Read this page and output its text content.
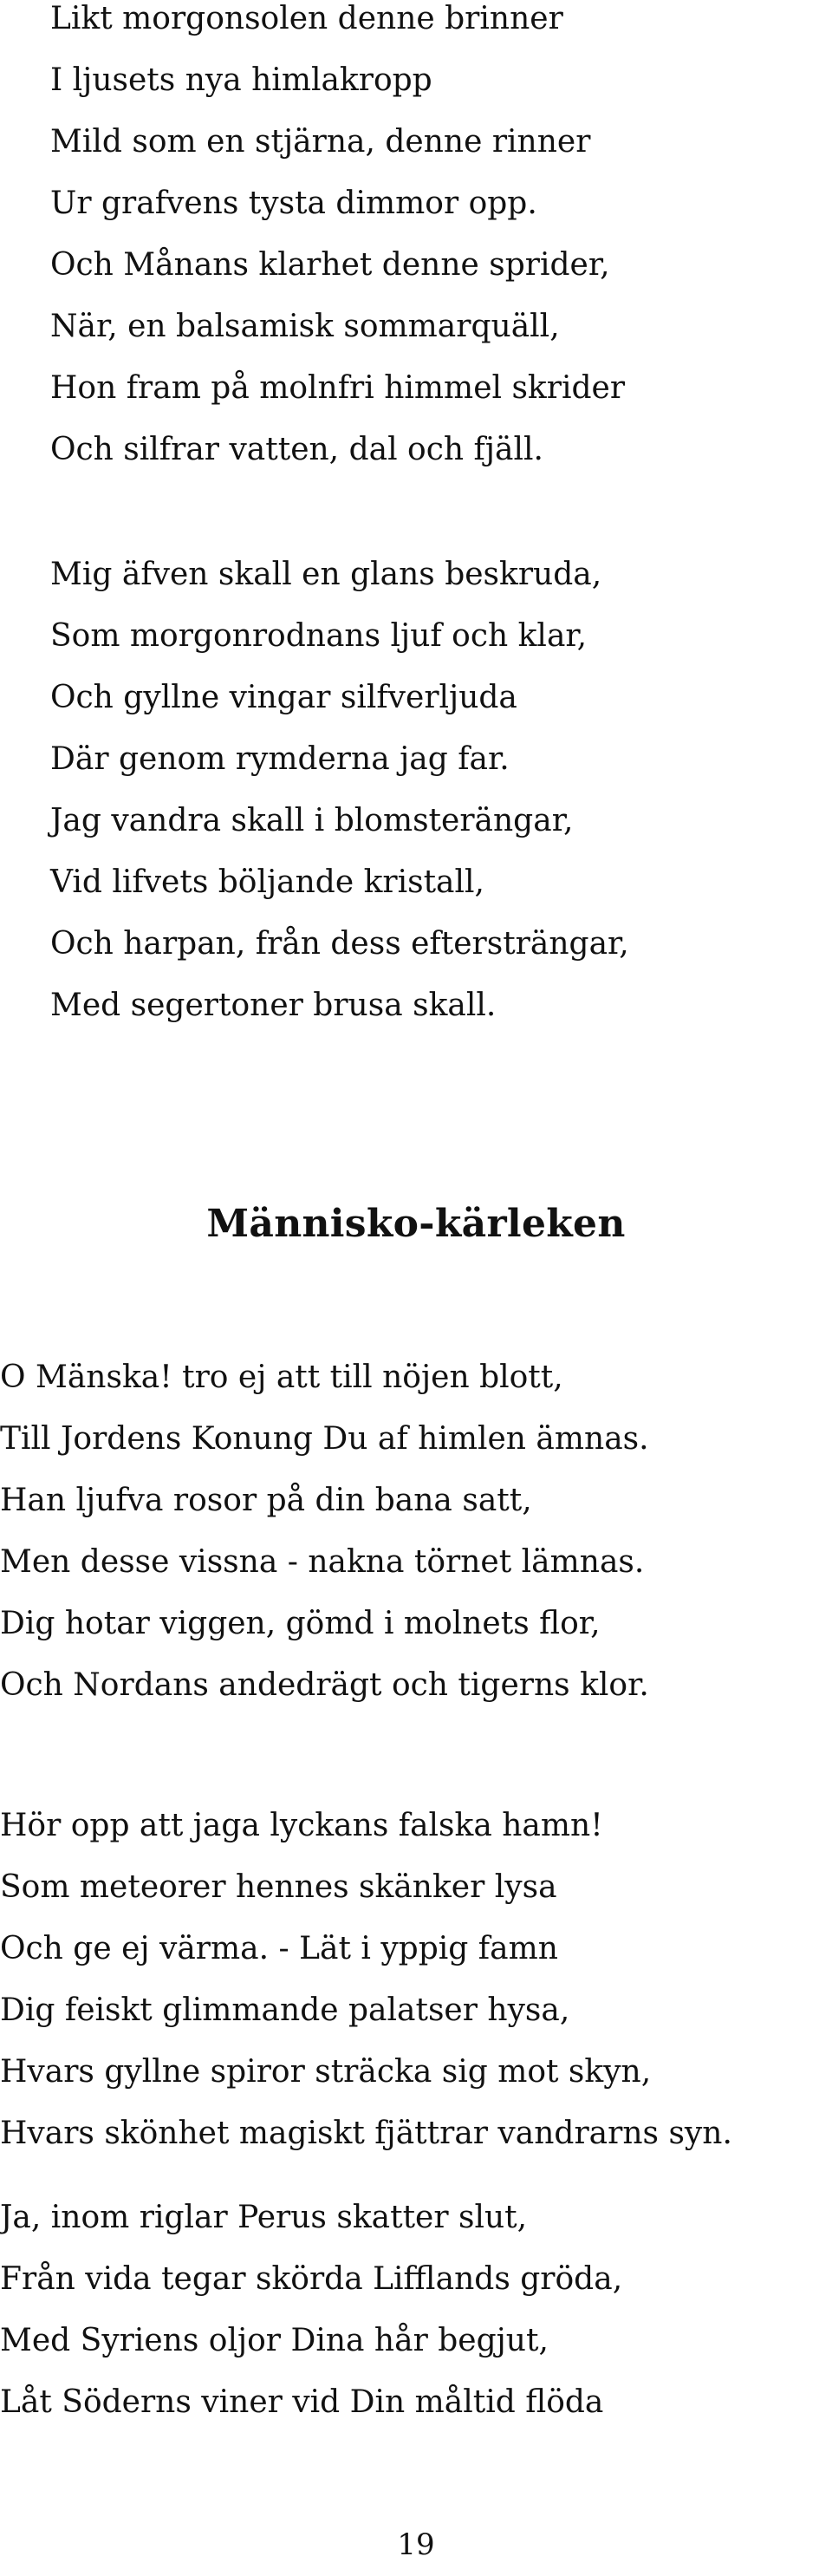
Likt morgonsolen denne brinner
I ljusets nya himlakropp
Mild som en stjärna, denne rinner
Ur grafvens tysta dimmor opp.
Och Månans klarhet denne sprider,
När, en balsamisk sommarquäll,
Hon fram på molnfri himmel skrider
Och silfrar vatten, dal och fjäll.
Mig äfven skall en glans beskruda,
Som morgonrodnans ljuf och klar,
Och gyllne vingar silfverljuda
Där genom rymderna jag far.
Jag vandra skall i blomsterängar,
Vid lifvets böljande kristall,
Och harpan, från dess eftersträngar,
Med segertoner brusa skall.
Människo-kärleken
O Mänska! tro ej att till nöjen blott,
Till Jordens Konung Du af himlen ämnas.
Han ljufva rosor på din bana satt,
Men desse vissna - nakna törnet lämnas.
Dig hotar viggen, gömd i molnets flor,
Och Nordans andedrägt och tigerns klor.
Hör opp att jaga lyckans falska hamn!
Som meteorer hennes skänker lysa
Och ge ej värma. - Lät i yppig famn
Dig feiskt glimmande palatser hysa,
Hvars gyllne spiror sträcka sig mot skyn,
Hvars skönhet magiskt fjättrar vandrarns syn.
Ja, inom riglar Perus skatter slut,
Från vida tegar skörda Lifflands gröda,
Med Syriens oljor Dina hår begjut,
Låt Söderns viner vid Din måltid flöda
19
